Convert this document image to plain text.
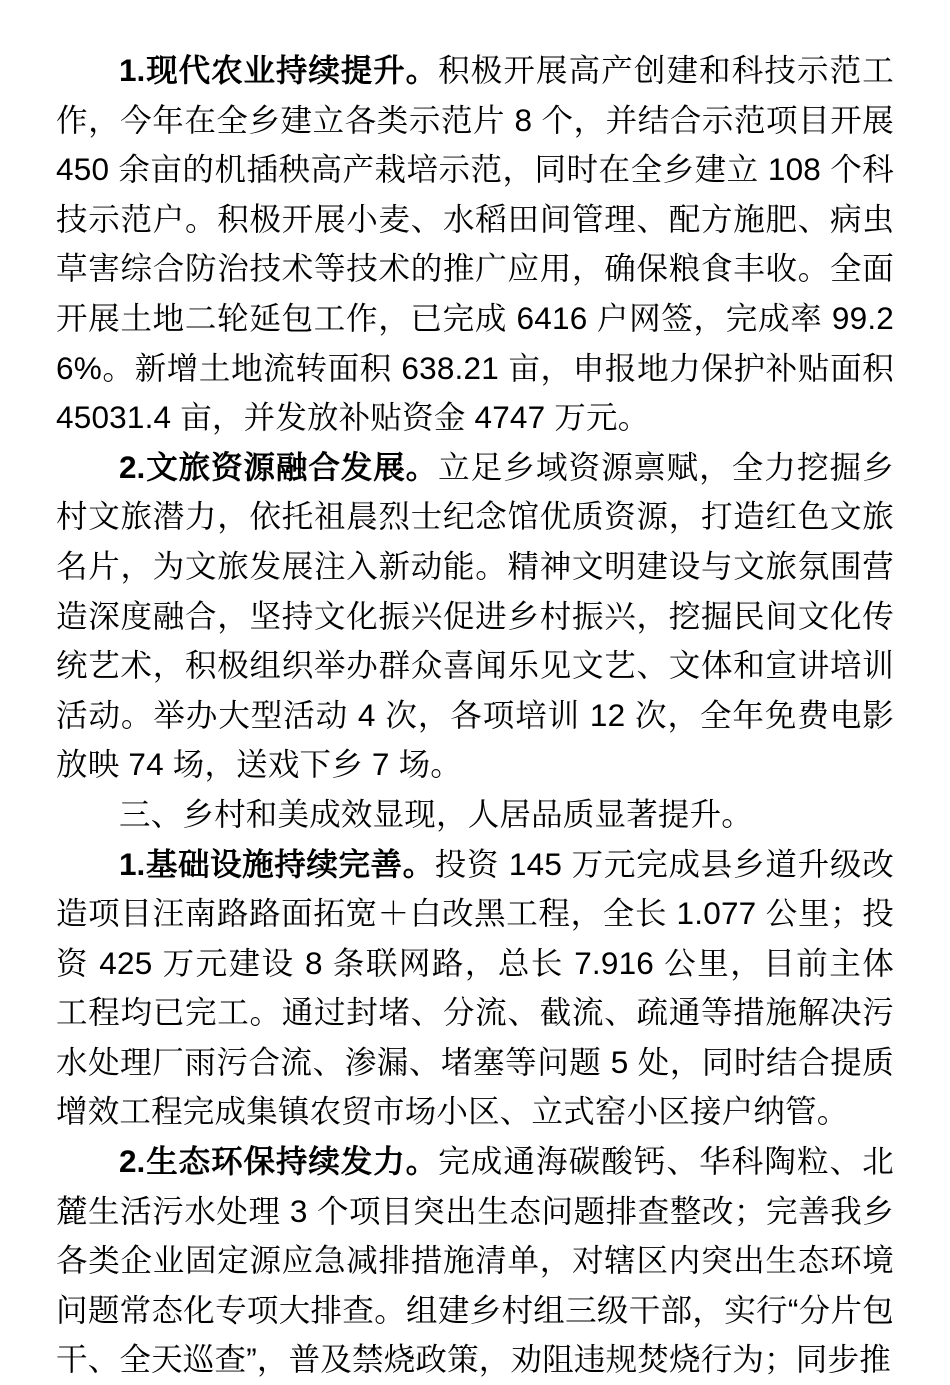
1.现代农业持续提升。积极开展高产创建和科技示范工作，今年在全乡建立各类示范片 8 个，并结合示范项目开展 450 余亩的机插秧高产栽培示范，同时在全乡建立 108 个科技示范户。积极开展小麦、水稻田间管理、配方施肥、病虫草害综合防治技术等技术的推广应用，确保粮食丰收。全面开展土地二轮延包工作，已完成 6416 户网签，完成率 99.26%。新增土地流转面积 638.21 亩，申报地力保护补贴面积 45031.4 亩，并发放补贴资金 4747 万元。

2.文旅资源融合发展。立足乡域资源禀赋，全力挖掘乡村文旅潜力，依托祖晨烈士纪念馆优质资源，打造红色文旅名片，为文旅发展注入新动能。精神文明建设与文旅氛围营造深度融合，坚持文化振兴促进乡村振兴，挖掘民间文化传统艺术，积极组织举办群众喜闻乐见文艺、文体和宣讲培训活动。举办大型活动 4 次，各项培训 12 次，全年免费电影放映 74 场，送戏下乡 7 场。

三、乡村和美成效显现，人居品质显著提升。

1.基础设施持续完善。投资 145 万元完成县乡道升级改造项目汪南路路面拓宽＋白改黑工程，全长 1.077 公里；投资 425 万元建设 8 条联网路，总长 7.916 公里，目前主体工程均已完工。通过封堵、分流、截流、疏通等措施解决污水处理厂雨污合流、渗漏、堵塞等问题 5 处，同时结合提质增效工程完成集镇农贸市场小区、立式窑小区接户纳管。

2.生态环保持续发力。完成通海碳酸钙、华科陶粒、北麓生活污水处理 3 个项目突出生态问题排查整改；完善我乡各类企业固定源应急减排措施清单，对辖区内突出生态环境问题常态化专项大排查。组建乡村组三级干部，实行“分片包干、全天巡查”，普及禁烧政策，劝阻违规焚烧行为；同步推
